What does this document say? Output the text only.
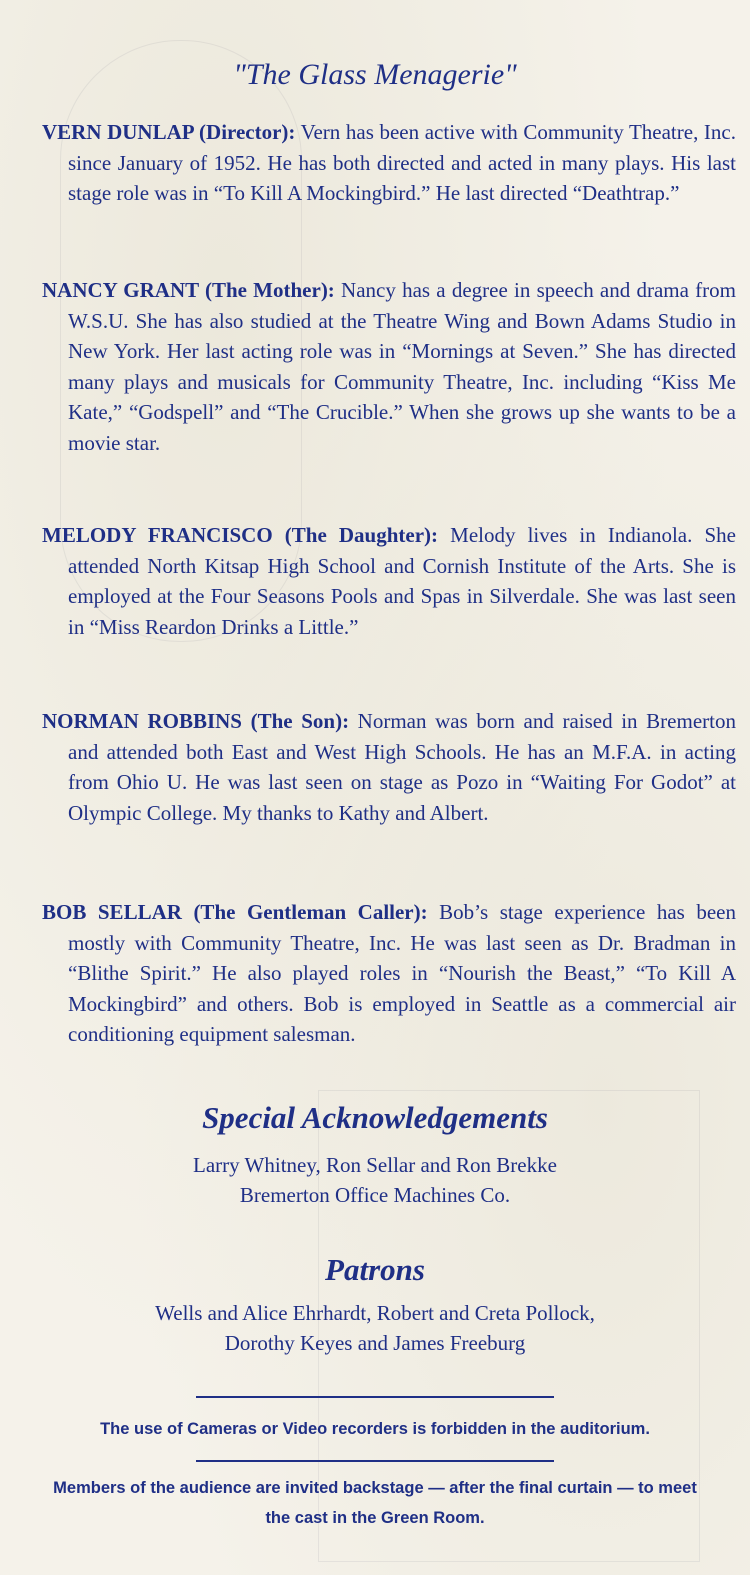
"The Glass Menagerie"

VERN DUNLAP (Director): Vern has been active with Community Theatre, Inc. since January of 1952. He has both directed and acted in many plays. His last stage role was in “To Kill A Mockingbird.” He last directed “Deathtrap.”

NANCY GRANT (The Mother): Nancy has a degree in speech and drama from W.S.U. She has also studied at the Theatre Wing and Bown Adams Studio in New York. Her last acting role was in “Mornings at Seven.” She has directed many plays and musicals for Community Theatre, Inc. including “Kiss Me Kate,” “Godspell” and “The Crucible.” When she grows up she wants to be a movie star.

MELODY FRANCISCO (The Daughter): Melody lives in Indianola. She attended North Kitsap High School and Cornish Institute of the Arts. She is employed at the Four Seasons Pools and Spas in Silverdale. She was last seen in “Miss Reardon Drinks a Little.”

NORMAN ROBBINS (The Son): Norman was born and raised in Bremerton and attended both East and West High Schools. He has an M.F.A. in acting from Ohio U. He was last seen on stage as Pozo in “Waiting For Godot” at Olympic College. My thanks to Kathy and Albert.

BOB SELLAR (The Gentleman Caller): Bob’s stage experience has been mostly with Community Theatre, Inc. He was last seen as Dr. Bradman in “Blithe Spirit.” He also played roles in “Nourish the Beast,” “To Kill A Mockingbird” and others. Bob is employed in Seattle as a commercial air conditioning equipment salesman.

Special Acknowledgements
Larry Whitney, Ron Sellar and Ron Brekke
Bremerton Office Machines Co.
Patrons
Wells and Alice Ehrhardt, Robert and Creta Pollock,
Dorothy Keyes and James Freeburg
The use of Cameras or Video recorders is forbidden in the auditorium.
Members of the audience are invited backstage — after the final curtain — to meet the cast in the Green Room.
